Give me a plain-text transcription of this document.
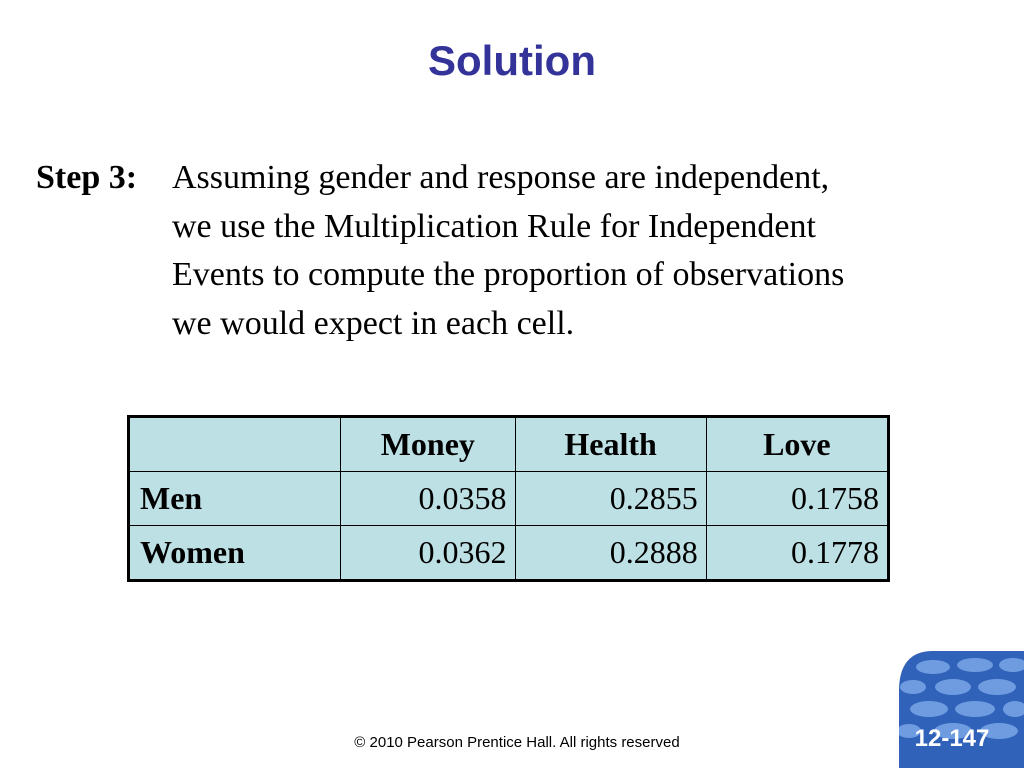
Solution
Step 3: Assuming gender and response are independent,
we use the Multiplication Rule for Independent
Events to compute the proportion of observations
we would expect in each cell.
	Money	Health	Love
Men	0.0358	0.2855	0.1758
Women	0.0362	0.2888	0.1778
© 2010 Pearson Prentice Hall. All rights reserved	12-147
